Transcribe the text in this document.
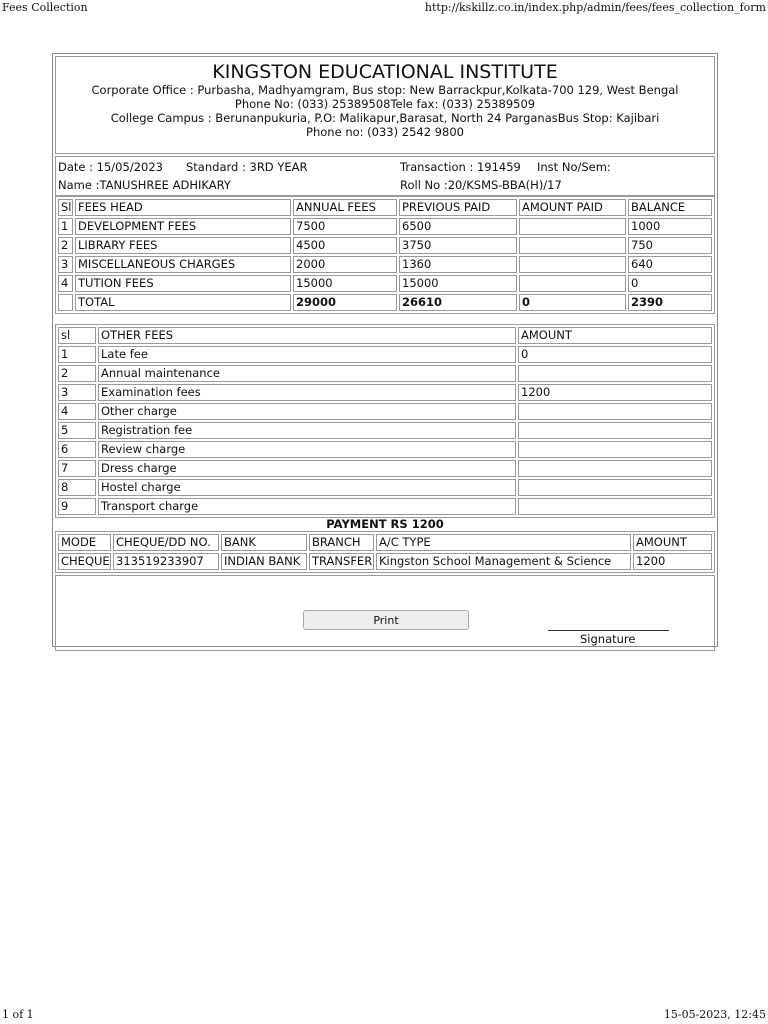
Fees Collection	http://kskillz.co.in/index.php/admin/fees/fees_collection_form
KINGSTON EDUCATIONAL INSTITUTE
Corporate Office : Purbasha, Madhyamgram, Bus stop: New Barrackpur,Kolkata-700 129, West Bengal
Phone No: (033) 25389508Tele fax: (033) 25389509
College Campus : Berunanpukuria, P.O: Malikapur,Barasat, North 24 ParganasBus Stop: Kajibari
Phone no: (033) 2542 9800
Date : 15/05/2023 Standard : 3RD YEAR	Transaction : 191459 Inst No/Sem:
Name :TANUSHREE ADHIKARY	Roll No :20/KSMS-BBA(H)/17
Sl	FEES HEAD	ANNUAL FEES	PREVIOUS PAID	AMOUNT PAID	BALANCE
1	DEVELOPMENT FEES	7500	6500		1000
2	LIBRARY FEES	4500	3750		750
3	MISCELLANEOUS CHARGES	2000	1360		640
4	TUTION FEES	15000	15000		0
	TOTAL	29000	26610	0	2390
sl	OTHER FEES	AMOUNT
1	Late fee	0
2	Annual maintenance	
3	Examination fees	1200
4	Other charge	
5	Registration fee	
6	Review charge	
7	Dress charge	
8	Hostel charge	
9	Transport charge	
PAYMENT RS 1200
MODE	CHEQUE/DD NO.	BANK	BRANCH	A/C TYPE	AMOUNT
CHEQUE	313519233907	INDIAN BANK	TRANSFER	Kingston School Management & Science	1200
Print
Signature
1 of 1	15-05-2023, 12:45
